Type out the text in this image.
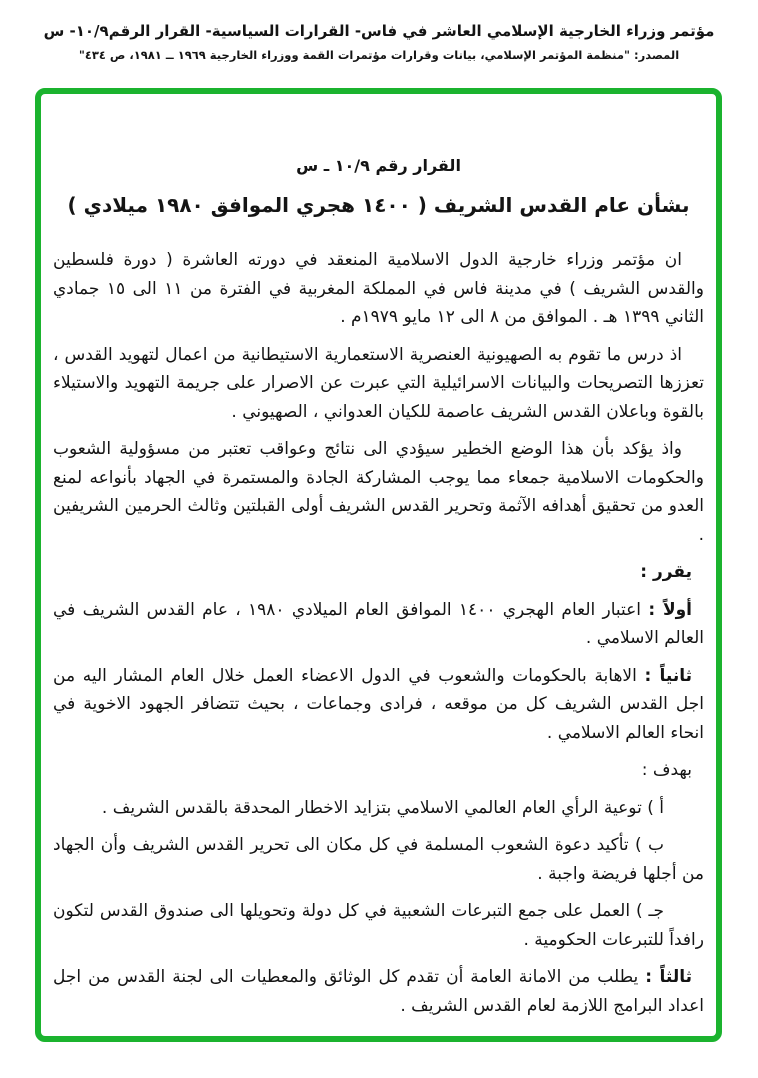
مؤتمر وزراء الخارجية الإسلامي العاشر في فاس- القرارات السياسية- القرار الرقم١٠/٩- س
المصدر: "منظمة المؤتمر الإسلامي، بيانات وقرارات مؤتمرات القمة ووزراء الخارجية ١٩٦٩ ــ ١٩٨١، ص ٤٣٤"
القرار رقم ١٠/٩ ـ س
بشأن عام القدس الشريف ( ١٤٠٠ هجري الموافق ١٩٨٠ ميلادي )

ان مؤتمر وزراء خارجية الدول الاسلامية المنعقد في دورته العاشرة ( دورة فلسطين والقدس الشريف ) في مدينة فاس في المملكة المغربية في الفترة من ١١ الى ١٥ جمادي الثاني ١٣٩٩ هـ . الموافق من ٨ الى ١٢ مايو ١٩٧٩م .

اذ درس ما تقوم به الصهيونية العنصرية الاستعمارية الاستيطانية من اعمال لتهويد القدس ، تعززها التصريحات والبيانات الاسرائيلية التي عبرت عن الاصرار على جريمة التهويد والاستيلاء بالقوة وباعلان القدس الشريف عاصمة للكيان العدواني ، الصهيوني .

واذ يؤكد بأن هذا الوضع الخطير سيؤدي الى نتائج وعواقب تعتبر من مسؤولية الشعوب والحكومات الاسلامية جمعاء مما يوجب المشاركة الجادة والمستمرة في الجهاد بأنواعه لمنع العدو من تحقيق أهدافه الآثمة وتحرير القدس الشريف أولى القبلتين وثالث الحرمين الشريفين .

يقرر :

أولاً : اعتبار العام الهجري ١٤٠٠ الموافق العام الميلادي ١٩٨٠ ، عام القدس الشريف في العالم الاسلامي .

ثانياً : الاهابة بالحكومات والشعوب في الدول الاعضاء العمل خلال العام المشار اليه من اجل القدس الشريف كل من موقعه ، فرادى وجماعات ، بحيث تتضافر الجهود الاخوية في انحاء العالم الاسلامي .

بهدف :

أ ) توعية الرأي العام العالمي الاسلامي بتزايد الاخطار المحدقة بالقدس الشريف .

ب ) تأكيد دعوة الشعوب المسلمة في كل مكان الى تحرير القدس الشريف وأن الجهاد من أجلها فريضة واجبة .

جـ ) العمل على جمع التبرعات الشعبية في كل دولة وتحويلها الى صندوق القدس لتكون رافداً للتبرعات الحكومية .

ثالثاً : يطلب من الامانة العامة أن تقدم كل الوثائق والمعطيات الى لجنة القدس من اجل اعداد البرامج اللازمة لعام القدس الشريف .
